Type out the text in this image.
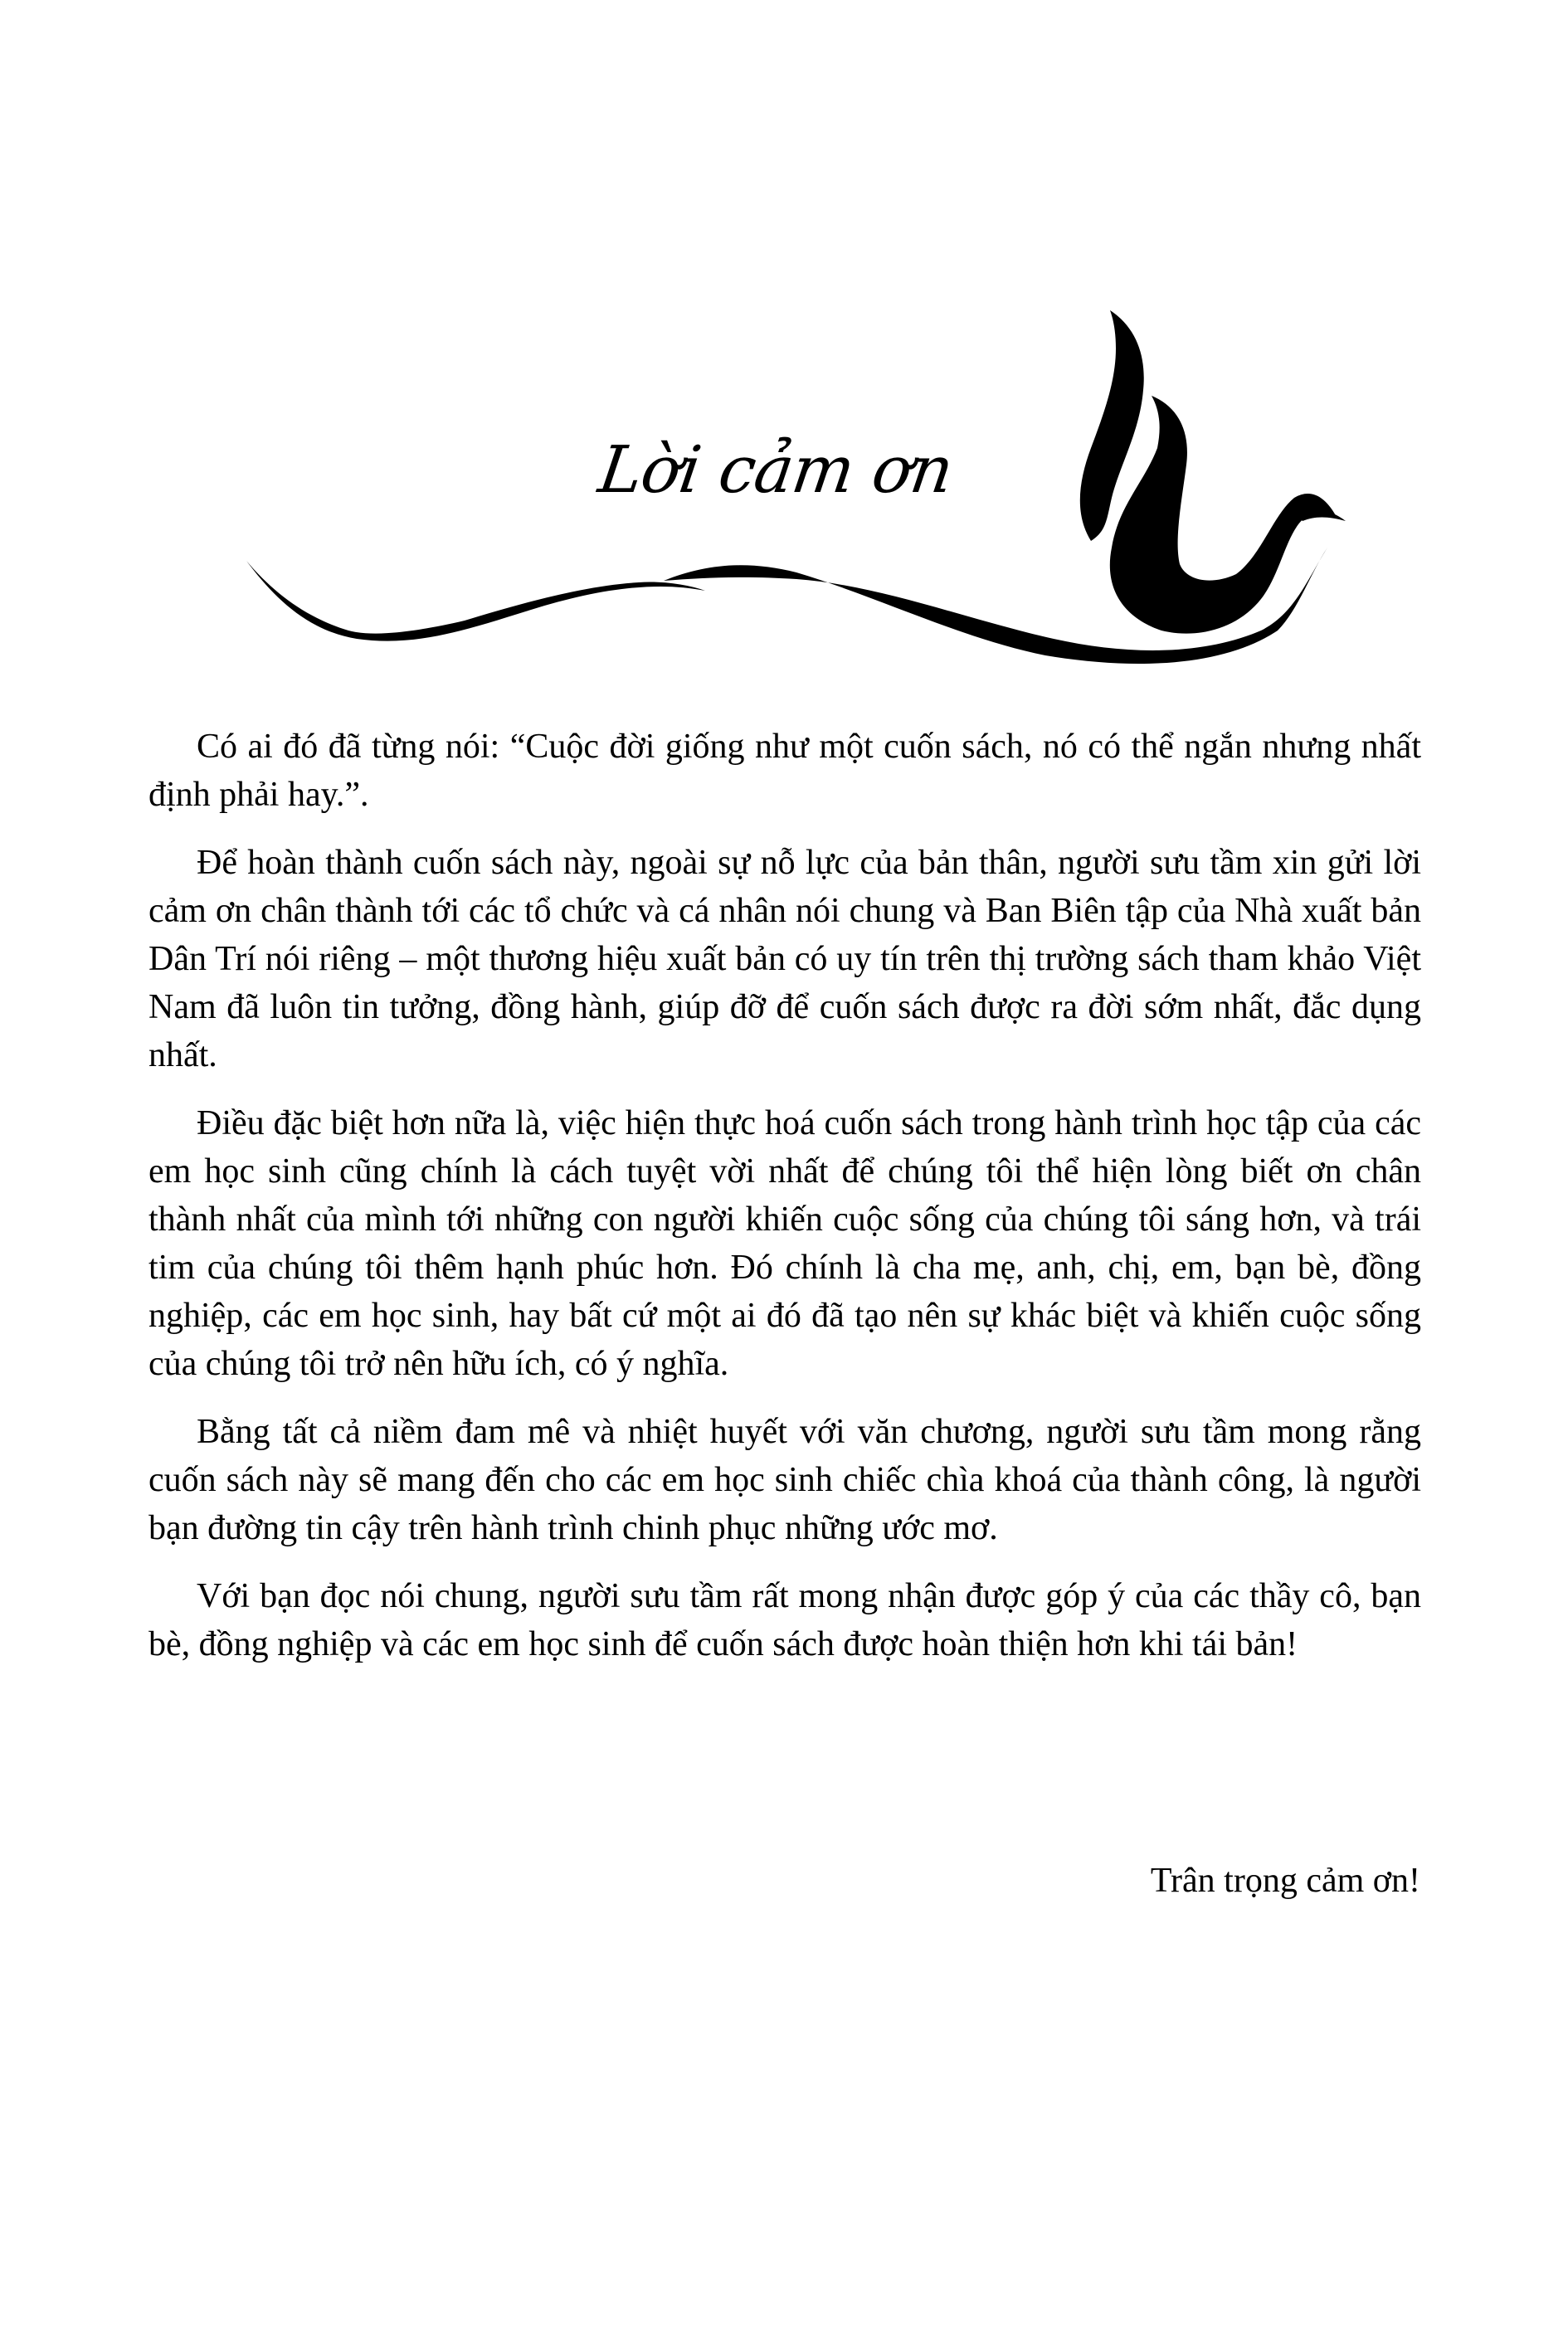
Lời cảm ơn

Có ai đó đã từng nói: “Cuộc đời giống như một cuốn sách, nó có thể ngắn nhưng nhất định phải hay.”.

Để hoàn thành cuốn sách này, ngoài sự nỗ lực của bản thân, người sưu tầm xin gửi lời cảm ơn chân thành tới các tổ chức và cá nhân nói chung và Ban Biên tập của Nhà xuất bản Dân Trí nói riêng – một thương hiệu xuất bản có uy tín trên thị trường sách tham khảo Việt Nam đã luôn tin tưởng, đồng hành, giúp đỡ để cuốn sách được ra đời sớm nhất, đắc dụng nhất.

Điều đặc biệt hơn nữa là, việc hiện thực hoá cuốn sách trong hành trình học tập của các em học sinh cũng chính là cách tuyệt vời nhất để chúng tôi thể hiện lòng biết ơn chân thành nhất của mình tới những con người khiến cuộc sống của chúng tôi sáng hơn, và trái tim của chúng tôi thêm hạnh phúc hơn. Đó chính là cha mẹ, anh, chị, em, bạn bè, đồng nghiệp, các em học sinh, hay bất cứ một ai đó đã tạo nên sự khác biệt và khiến cuộc sống của chúng tôi trở nên hữu ích, có ý nghĩa.

Bằng tất cả niềm đam mê và nhiệt huyết với văn chương, người sưu tầm mong rằng cuốn sách này sẽ mang đến cho các em học sinh chiếc chìa khoá của thành công, là người bạn đường tin cậy trên hành trình chinh phục những ước mơ.

Với bạn đọc nói chung, người sưu tầm rất mong nhận được góp ý của các thầy cô, bạn bè, đồng nghiệp và các em học sinh để cuốn sách được hoàn thiện hơn khi tái bản!

Trân trọng cảm ơn!
